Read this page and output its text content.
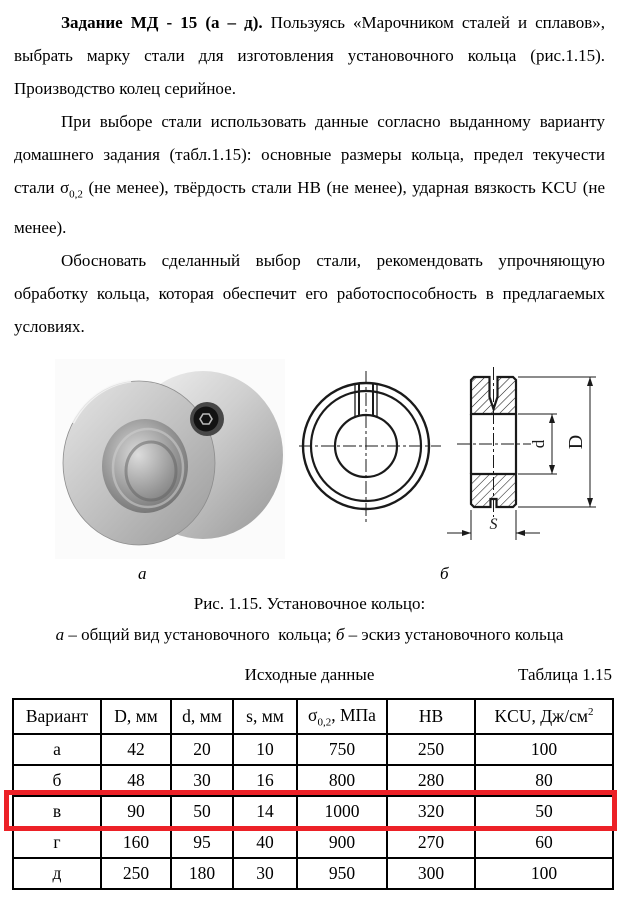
Задание МД - 15 (а – д). Пользуясь «Марочником сталей и сплавов», выбрать марку стали для изготовления установочного кольца (рис.1.15). Производство колец серийное.

При выборе стали использовать данные согласно выданному варианту домашнего задания (табл.1.15): основные размеры кольца, предел текучести стали $\sigma_{0,2}$ (не менее), твёрдость стали HB (не менее), ударная вязкость KCU (не менее).

Обосновать сделанный выбор стали, рекомендовать упрочняющую обработку кольца, которая обеспечит его работоспособность в предлагаемых условиях.

d D
S
а	б
Рис. 1.15. Установочное кольцо:
а – общий вид установочного  кольца; б – эскиз установочного кольца
Исходные данные	Таблица 1.15
Вариант	D, мм	d, мм	s, мм	$\sigma_{0,2}$, МПа	HB	KCU, $Дж/см^2$
а	42	20	10	750	250	100
б	48	30	16	800	280	80
в	90	50	14	1000	320	50
г	160	95	40	900	270	60
д	250	180	30	950	300	100
